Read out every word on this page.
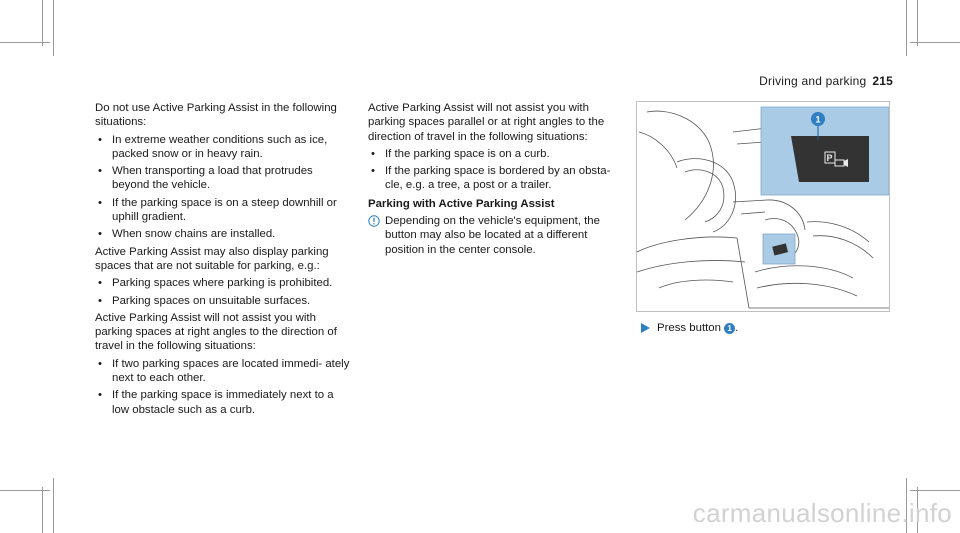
Driving and parking 215

Do not use Active Parking Assist in the following situations:

• In extreme weather conditions such as ice, packed snow or in heavy rain.
• When transporting a load that protrudes beyond the vehicle.
• If the parking space is on a steep downhill or uphill gradient.
• When snow chains are installed.

Active Parking Assist may also display parking spaces that are not suitable for parking, e.g.:

• Parking spaces where parking is prohibited.
• Parking spaces on unsuitable surfaces.

Active Parking Assist will not assist you with parking spaces at right angles to the direction of travel in the following situations:

• If two parking spaces are located immedi- ately next to each other.
• If the parking space is immediately next to a low obstacle such as a curb.

Active Parking Assist will not assist you with parking spaces parallel or at right angles to the direction of travel in the following situations:

• If the parking space is on a curb.
• If the parking space is bordered by an obsta- cle, e.g. a tree, a post or a trailer.
Parking with Active Parking Assist
Depending on the vehicle's equipment, the button may also be located at a different position in the center console.
P
1
Press button 1 .
carmanualsonline.info
